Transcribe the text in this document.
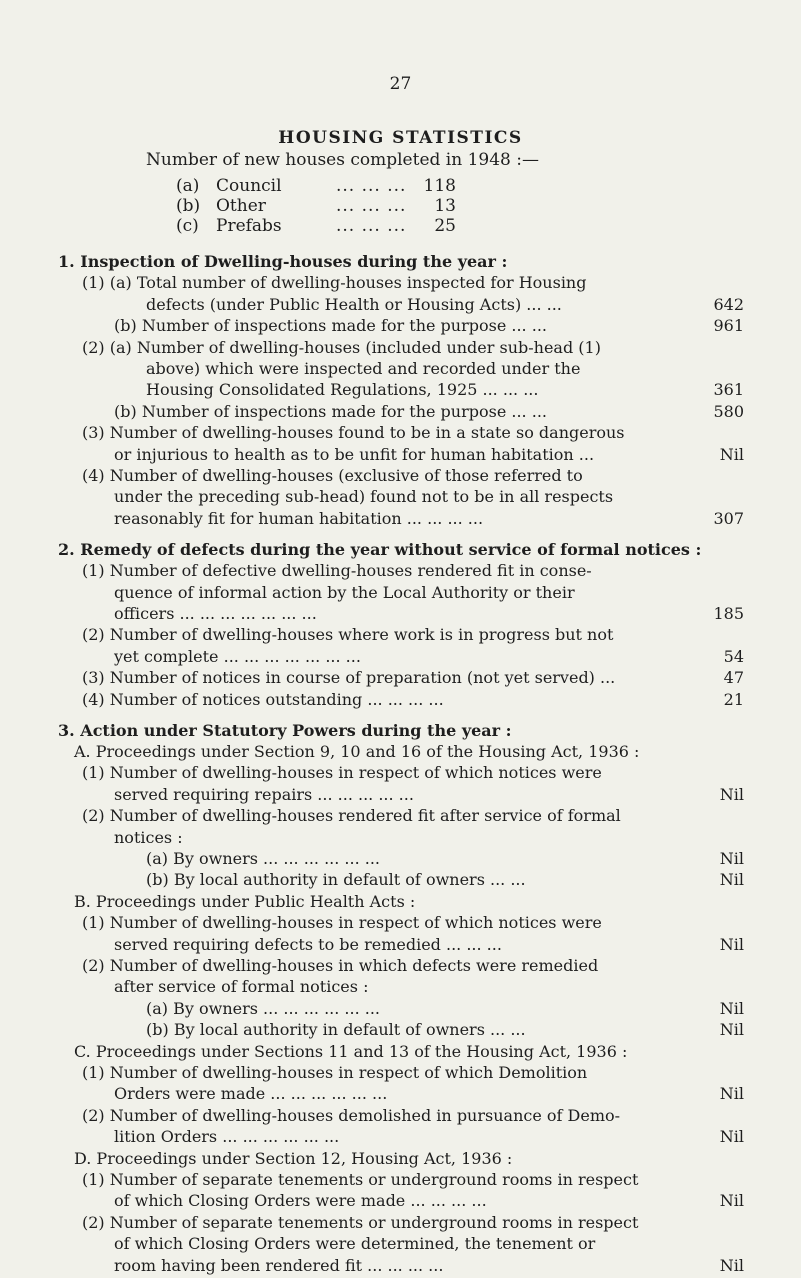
27
HOUSING STATISTICS
Number of new houses completed in 1948 :—
(a) Council	... ... ... 118
(b) Other	... ... ... 13
(c) Prefabs	... ... ... 25
1. Inspection of Dwelling-houses during the year :
(1) (a) Total number of dwelling-houses inspected for Housing
defects (under Public Health or Housing Acts) ... ...	642
(b) Number of inspections made for the purpose ... ...	961
(2) (a) Number of dwelling-houses (included under sub-head (1)
above) which were inspected and recorded under the
Housing Consolidated Regulations, 1925 ... ... ...	361
(b) Number of inspections made for the purpose ... ...	580
(3) Number of dwelling-houses found to be in a state so dangerous
or injurious to health as to be unfit for human habitation ...	Nil
(4) Number of dwelling-houses (exclusive of those referred to
under the preceding sub-head) found not to be in all respects
reasonably fit for human habitation ... ... ... ...	307
2. Remedy of defects during the year without service of formal notices :
(1) Number of defective dwelling-houses rendered fit in conse-
quence of informal action by the Local Authority or their
officers ... ... ... ... ... ... ...	185
(2) Number of dwelling-houses where work is in progress but not
yet complete ... ... ... ... ... ... ...	54
(3) Number of notices in course of preparation (not yet served) ...	47
(4) Number of notices outstanding ... ... ... ...	21
3. Action under Statutory Powers during the year :
A. Proceedings under Section 9, 10 and 16 of the Housing Act, 1936 :
(1) Number of dwelling-houses in respect of which notices were
served requiring repairs ... ... ... ... ...	Nil
(2) Number of dwelling-houses rendered fit after service of formal
notices :
(a) By owners ... ... ... ... ... ...	Nil
(b) By local authority in default of owners ... ...	Nil
B. Proceedings under Public Health Acts :
(1) Number of dwelling-houses in respect of which notices were
served requiring defects to be remedied ... ... ...	Nil
(2) Number of dwelling-houses in which defects were remedied
after service of formal notices :
(a) By owners ... ... ... ... ... ...	Nil
(b) By local authority in default of owners ... ...	Nil
C. Proceedings under Sections 11 and 13 of the Housing Act, 1936 :
(1) Number of dwelling-houses in respect of which Demolition
Orders were made ... ... ... ... ... ...	Nil
(2) Number of dwelling-houses demolished in pursuance of Demo-
lition Orders ... ... ... ... ... ...	Nil
D. Proceedings under Section 12, Housing Act, 1936 :
(1) Number of separate tenements or underground rooms in respect
of which Closing Orders were made ... ... ... ...	Nil
(2) Number of separate tenements or underground rooms in respect
of which Closing Orders were determined, the tenement or
room having been rendered fit ... ... ... ...	Nil
